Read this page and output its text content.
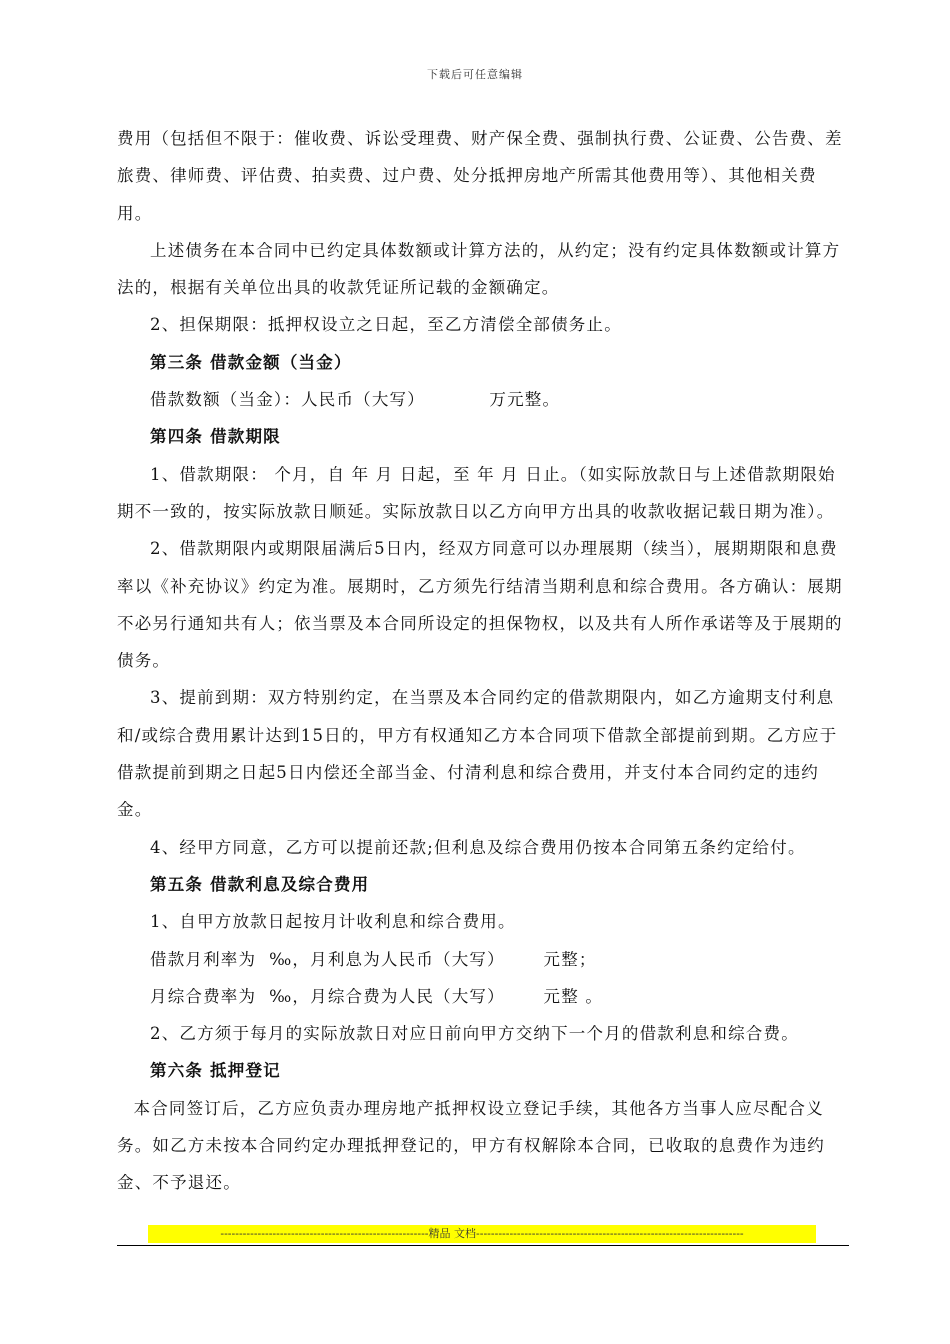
下载后可任意编辑

费用（包括但不限于：催收费、诉讼受理费、财产保全费、强制执行费、公证费、公告费、差旅费、律师费、评估费、拍卖费、过户费、处分抵押房地产所需其他费用等）、其他相关费用。

上述债务在本合同中已约定具体数额或计算方法的，从约定；没有约定具体数额或计算方法的，根据有关单位出具的收款凭证所记载的金额确定。

2、担保期限：抵押权设立之日起，至乙方清偿全部债务止。

第三条 借款金额（当金）

借款数额（当金）：人民币（大写）          万元整。

第四条 借款期限

1、借款期限： 个月，自 年 月 日起，至 年 月 日止。（如实际放款日与上述借款期限始期不一致的，按实际放款日顺延。实际放款日以乙方向甲方出具的收款收据记载日期为准）。

2、借款期限内或期限届满后5日内，经双方同意可以办理展期（续当），展期期限和息费率以《补充协议》约定为准。展期时，乙方须先行结清当期利息和综合费用。各方确认：展期不必另行通知共有人；依当票及本合同所设定的担保物权，以及共有人所作承诺等及于展期的债务。

3、提前到期：双方特别约定，在当票及本合同约定的借款期限内，如乙方逾期支付利息和/或综合费用累计达到15日的，甲方有权通知乙方本合同项下借款全部提前到期。乙方应于借款提前到期之日起5日内偿还全部当金、付清利息和综合费用，并支付本合同约定的违约金。

4、经甲方同意，乙方可以提前还款;但利息及综合费用仍按本合同第五条约定给付。

第五条 借款利息及综合费用

1、自甲方放款日起按月计收利息和综合费用。

借款月利率为  ‰，月利息为人民币（大写）      元整；

月综合费率为  ‰，月综合费为人民（大写）      元整 。

2、乙方须于每月的实际放款日对应日前向甲方交纳下一个月的借款利息和综合费。

第六条 抵押登记

本合同签订后，乙方应负责办理房地产抵押权设立登记手续，其他各方当事人应尽配合义务。如乙方未按本合同约定办理抵押登记的，甲方有权解除本合同，已收取的息费作为违约金、不予退还。

--------------------------------------------------------精品 文档------------------------------------------------------------------------
